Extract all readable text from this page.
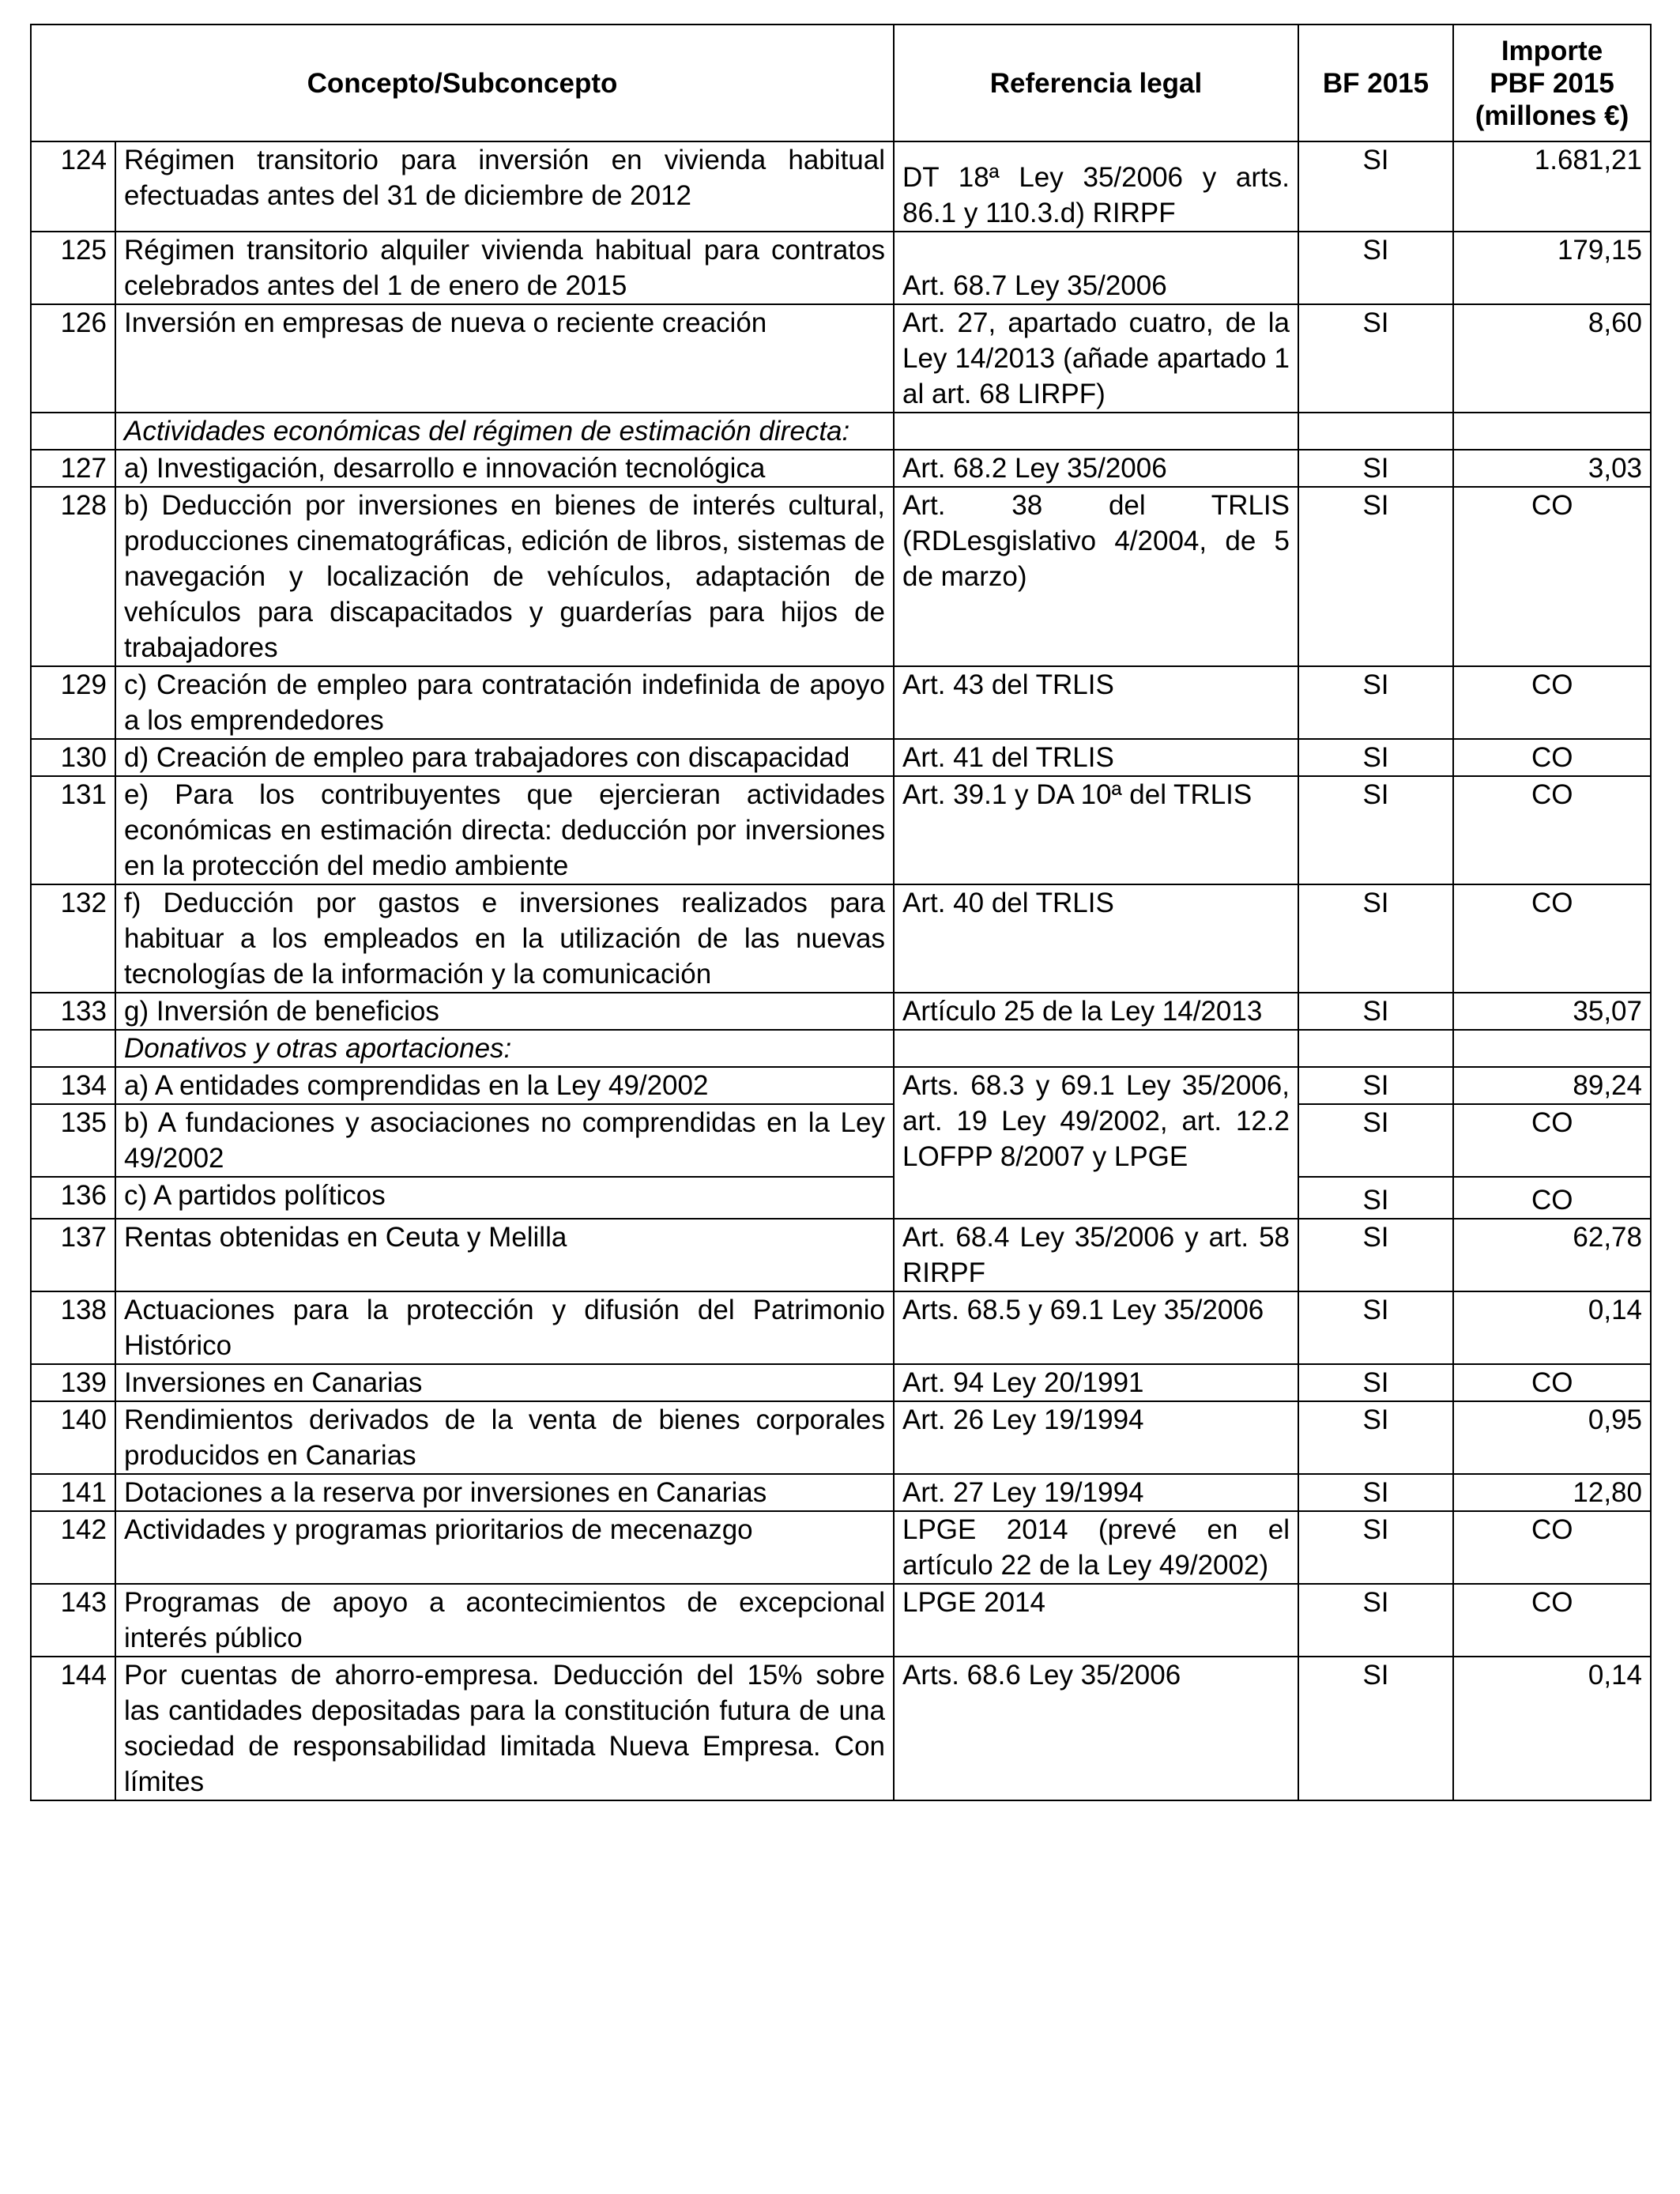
Concepto/Subconcepto		Referencia legal	BF 2015	Importe
PBF 2015
(millones €)
124	Régimen transitorio para inversión en vivienda habitual efectuadas antes del 31 de diciembre de 2012	DT 18ª Ley 35/2006 y arts. 86.1 y 110.3.d) RIRPF	SI	1.681,21
125	Régimen transitorio alquiler vivienda habitual para contratos celebrados antes del 1 de enero de 2015	Art. 68.7 Ley 35/2006	SI	179,15
126	Inversión en empresas de nueva o reciente creación	Art. 27, apartado cuatro, de la Ley 14/2013 (añade apartado 1 al art. 68 LIRPF)	SI	8,60
	Actividades económicas del régimen de estimación directa:			
127	a) Investigación, desarrollo e innovación tecnológica	Art. 68.2 Ley 35/2006	SI	3,03
128	b) Deducción por inversiones en bienes de interés cultural, producciones cinematográficas, edición de libros, sistemas de navegación y localización de vehículos, adaptación de vehículos para discapacitados y guarderías para hijos de trabajadores	Art. 38 del TRLIS (RDLesgislativo 4/2004, de 5 de marzo)	SI	CO
129	c) Creación de empleo para contratación indefinida de apoyo a los emprendedores	Art. 43 del TRLIS	SI	CO
130	d) Creación de empleo para trabajadores con discapacidad	Art. 41 del TRLIS	SI	CO
131	e) Para los contribuyentes que ejercieran actividades económicas en estimación directa: deducción por inversiones en la protección del medio ambiente	Art. 39.1 y DA 10ª del TRLIS	SI	CO
132	f) Deducción por gastos e inversiones realizados para habituar a los empleados en la utilización de las nuevas tecnologías de la información y la comunicación	Art. 40 del TRLIS	SI	CO
133	g) Inversión de beneficios	Artículo 25 de la Ley 14/2013	SI	35,07
	Donativos y otras aportaciones:			
134	a) A entidades comprendidas en la Ley 49/2002	Arts. 68.3 y 69.1 Ley 35/2006, art. 19 Ley 49/2002, art. 12.2 LOFPP 8/2007 y LPGE	SI	89,24
135	b) A fundaciones y asociaciones no comprendidas en la Ley 49/2002		SI	CO
136	c) A partidos políticos		SI	CO
137	Rentas obtenidas en Ceuta y Melilla	Art. 68.4 Ley 35/2006 y art. 58 RIRPF	SI	62,78
138	Actuaciones para la protección y difusión del Patrimonio Histórico	Arts. 68.5 y 69.1 Ley 35/2006	SI	0,14
139	Inversiones en Canarias	Art. 94 Ley 20/1991	SI	CO
140	Rendimientos derivados de la venta de bienes corporales producidos en Canarias	Art. 26 Ley 19/1994	SI	0,95
141	Dotaciones a la reserva por inversiones en Canarias	Art. 27 Ley 19/1994	SI	12,80
142	Actividades y programas prioritarios de mecenazgo	LPGE 2014 (prevé en el artículo 22 de la Ley 49/2002)	SI	CO
143	Programas de apoyo a acontecimientos de excepcional interés público	LPGE 2014	SI	CO
144	Por cuentas de ahorro-empresa. Deducción del 15% sobre las cantidades depositadas para la constitución futura de una sociedad de responsabilidad limitada Nueva Empresa. Con límites	Arts. 68.6 Ley 35/2006	SI	0,14
